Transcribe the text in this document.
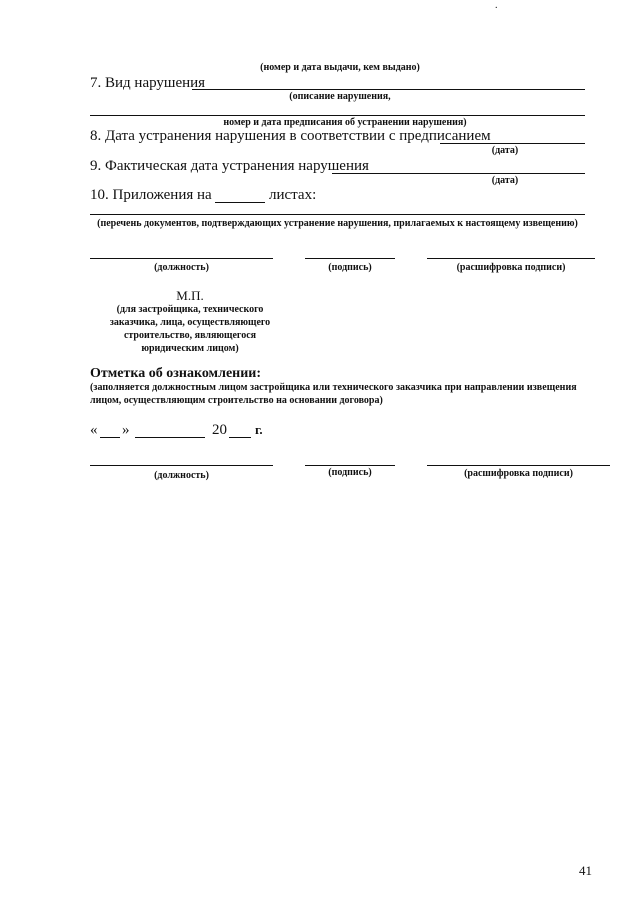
.
(номер и дата выдачи, кем выдано)
7. Вид нарушения
(описание нарушения,
номер и дата предписания об устранении нарушения)
8. Дата устранения нарушения в соответствии с предписанием
(дата)
9. Фактическая дата устранения нарушения
(дата)
10. Приложения на	листах:
(перечень документов, подтверждающих устранение нарушения, прилагаемых к настоящему извещению)
(должность)	(подпись)	(расшифровка подписи)
М.П.
(для застройщика, технического
заказчика, лица, осуществляющего
строительство, являющегося
юридическим лицом)
Отметка об ознакомлении:
(заполняется должностным лицом застройщика или технического заказчика при направлении извещения
лицом, осуществляющим строительство на основании договора)
« »	20 г.
(должность)	(подпись)	(расшифровка подписи)
41
